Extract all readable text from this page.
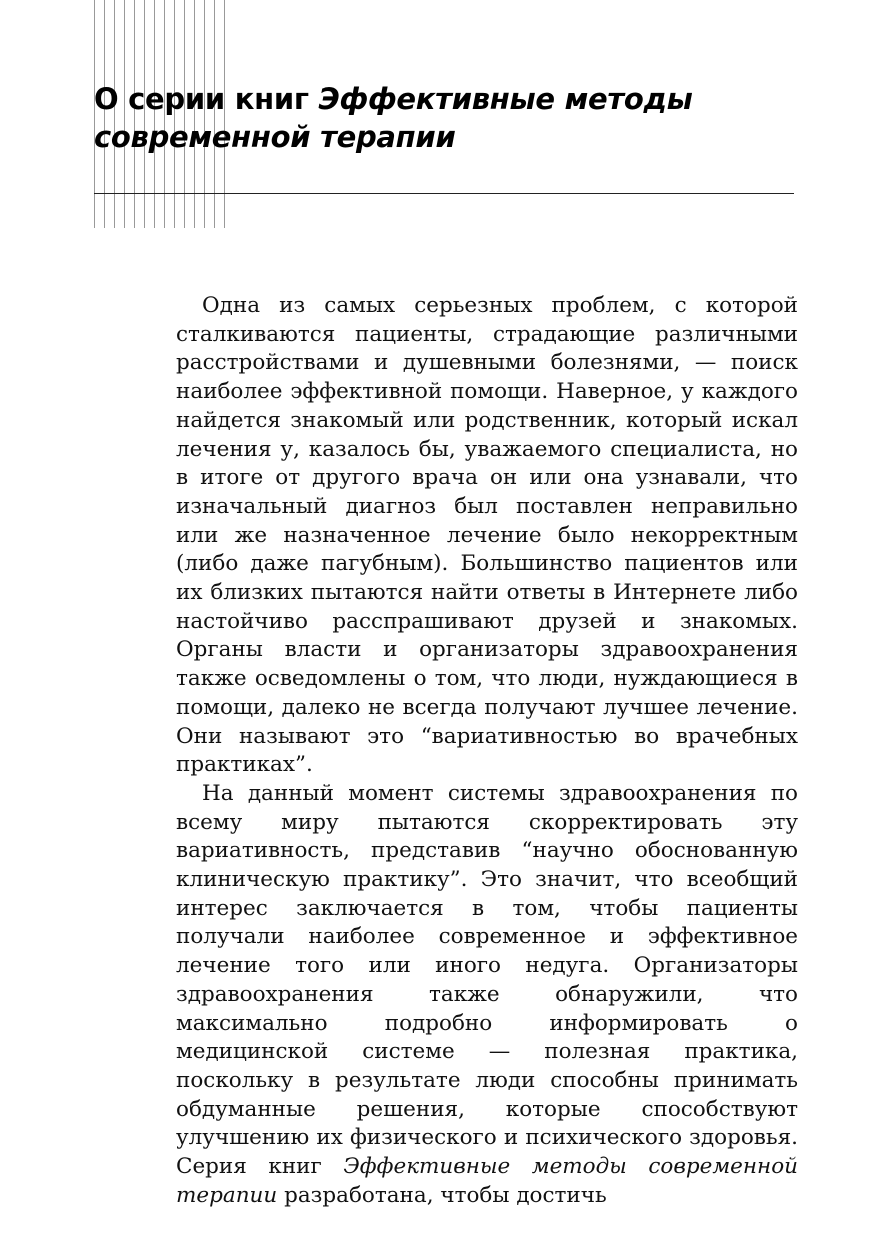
О серии книг Эффективные методы современной терапии

Одна из самых серьезных проблем, с которой сталкиваются пациенты, страдающие различными расстройствами и душевными болезнями, — поиск наиболее эффективной помощи. Наверное, у каждого найдется знакомый или родственник, который искал лечения у, казалось бы, уважаемого специалиста, но в итоге от другого врача он или она узнавали, что изначальный диагноз был поставлен неправильно или же назначенное лечение было некорректным (либо даже пагубным). Большинство пациентов или их близких пытаются найти ответы в Интернете либо настойчиво расспрашивают друзей и знакомых. Органы власти и организаторы здравоохранения также осведомлены о том, что люди, нуждающиеся в помощи, далеко не всегда получают лучшее лечение. Они называют это “вариативностью во врачебных практиках”.

На данный момент системы здравоохранения по всему миру пытаются скорректировать эту вариативность, представив “научно обоснованную клиническую практику”. Это значит, что всеобщий интерес заключается в том, чтобы пациенты получали наиболее современное и эффективное лечение того или иного недуга. Организаторы здравоохранения также обнаружили, что максимально подробно информировать о медицинской системе — полезная практика, поскольку в результате люди способны принимать обдуманные решения, которые способствуют улучшению их физического и психического здоровья. Серия книг Эффективные методы современной терапии разработана, чтобы достичь
